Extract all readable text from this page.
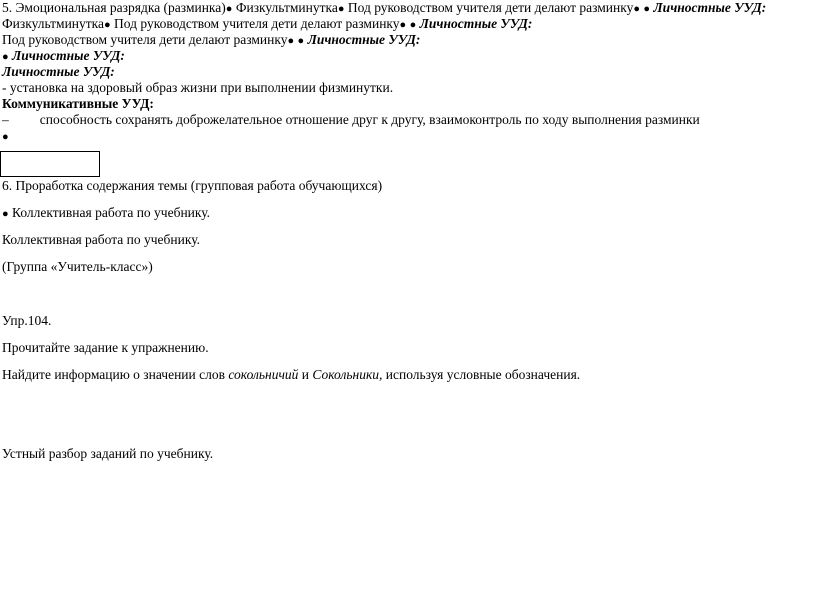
5. Эмоциональная разрядка (разминка)● Физкультминутка● Под руководством учителя дети делают разминку● ● Личностные УУД:
Физкультминутка● Под руководством учителя дети делают разминку● ● Личностные УУД:
Под руководством учителя дети делают разминку● ● Личностные УУД:
● Личностные УУД:
Личностные УУД:
- установка на здоровый образ жизни при выполнении физминутки.
Коммуникативные УУД:
– способность сохранять доброжелательное отношение друг к другу, взаимоконтроль по ходу выполнения разминки
●
6. Проработка содержания темы (групповая работа обучающихся)
● Коллективная работа по учебнику.
Коллективная работа по учебнику.
(Группа «Учитель-класс»)
Упр.104.
Прочитайте задание к упражнению.
Найдите информацию о значении слов сокольничий и Сокольники, используя условные обозначения.
Устный разбор заданий по учебнику.
